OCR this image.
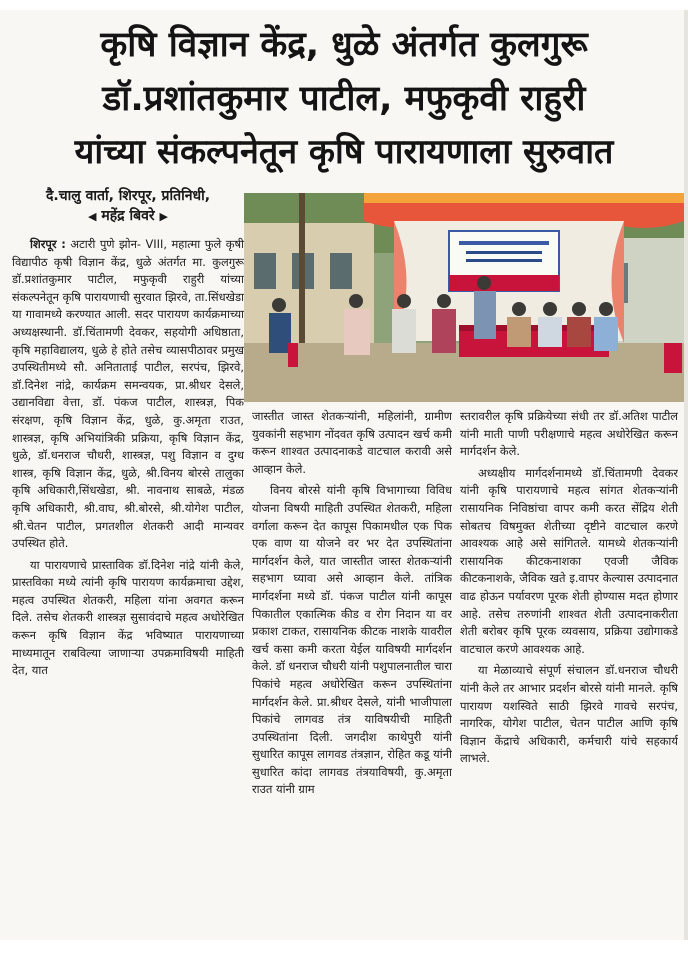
कृषि विज्ञान केंद्र, धुळे अंतर्गत कुलगुरू
डॉ.प्रशांतकुमार पाटील, मफुकृवी राहुरी
यांच्या संकल्पनेतून कृषि पारायणाला सुरुवात
दै.चालु वार्ता, शिरपूर, प्रतिनिधी,
◀ महेंद्र बिवरे ▶

शिरपूर : अटारी पुणे झोन- VIII, महात्मा फुले कृषी विद्यापीठ कृषी विज्ञान केंद्र, धुळे अंतर्गत मा. कुलगुरू डॉ.प्रशांतकुमार पाटील, मफुकृवी राहुरी यांच्या संकल्पनेतून कृषि पारायणाची सुरवात झिरवे, ता.सिंधखेडा या गावामध्ये करण्यात आली. सदर पारायण कार्यक्रमाच्या अध्यक्षस्थानी. डॉ.चिंतामणी देवकर, सहयोगी अधिष्ठाता, कृषि महाविद्यालय, धुळे हे होते तसेच व्यासपीठावर प्रमुख उपस्थितीमध्ये सौ. अनिताताई पाटील, सरपंच, झिरवे, डॉ.दिनेश नांद्रे, कार्यक्रम समन्वयक, प्रा.श्रीधर देसले, उद्यानविद्या वेत्ता, डॉ. पंकज पाटील, शास्त्रज्ञ, पिक संरक्षण, कृषि विज्ञान केंद्र, धुळे, कु.अमृता राउत, शास्त्रज्ञ, कृषि अभियांत्रिकी प्रक्रिया, कृषि विज्ञान केंद्र, धुळे, डॉ.धनराज चौधरी, शास्त्रज्ञ, पशु विज्ञान व दुग्ध शास्त्र, कृषि विज्ञान केंद्र, धुळे, श्री.विनय बोरसे तालुका कृषि अधिकारी,सिंधखेडा, श्री. नावनाथ साबळे, मंडळ कृषि अधिकारी, श्री.वाघ, श्री.बोरसे, श्री.योगेश पाटील, श्री.चेतन पाटील, प्रगतशील शेतकरी आदी मान्यवर उपस्थित होते.

या पारायणाचे प्रास्ताविक डॉ.दिनेश नांद्रे यांनी केले, प्रास्तविका मध्ये त्यांनी कृषि पारायण कार्यक्रमाचा उद्देश, महत्व उपस्थित शेतकरी, महिला यांना अवगत करून दिले. तसेच शेतकरी शास्त्रज्ञ सुसावंदाचे महत्व अधोरेखित करून कृषि विज्ञान केंद्र भविष्यात पारायणाच्या माध्यमातून राबविल्या जाणाऱ्या उपक्रमाविषयी माहिती देत, यात

जास्तीत जास्त शेतकऱ्यांनी, महिलांनी, ग्रामीण युवकांनी सहभाग नोंदवत कृषि उत्पादन खर्च कमी करून शाश्वत उत्पादनाकडे वाटचाल करावी असे आव्हान केले.

विनय बोरसे यांनी कृषि विभागाच्या विविध योजना विषयी माहिती उपस्थित शेतकरी, महिला वर्गाला करून देत कापूस पिकामधील एक पिक एक वाण या योजने वर भर देत उपस्थितांना मार्गदर्शन केले, यात जास्तीत जास्त शेतकऱ्यांनी सहभाग घ्यावा असे आव्हान केले. तांत्रिक मार्गदर्शना मध्ये डॉ. पंकज पाटील यांनी कापूस पिकातील एकात्मिक कीड व रोग निदान या वर प्रकाश टाकत, रासायनिक कीटक नाशके यावरील खर्च कसा कमी करता येईल याविषयी मार्गदर्शन केले. डॉ धनराज चौधरी यांनी पशुपालनातील चारा पिकांचे महत्व अधोरेखित करून उपस्थितांना मार्गदर्शन केले. प्रा.श्रीधर देसले, यांनी भाजीपाला पिकांचे लागवड तंत्र याविषयीची माहिती उपस्थितांना दिली. जगदीश काथेपुरी यांनी सुधारित कापूस लागवड तंत्रज्ञान, रोहित कडू यांनी सुधारित कांदा लागवड तंत्रयाविषयी, कु.अमृता राउत यांनी ग्राम

स्तरावरील कृषि प्रक्रियेच्या संधी तर डॉ.अतिश पाटील यांनी माती पाणी परीक्षणाचे महत्व अधोरेखित करून मार्गदर्शन केले.

अध्यक्षीय मार्गदर्शनामध्ये डॉ.चिंतामणी देवकर यांनी कृषि पारायणाचे महत्व सांगत शेतकऱ्यांनी रासायनिक निविष्ठांचा वापर कमी करत सेंद्रिय शेती सोबतच विषमुक्त शेतीच्या दृष्टीने वाटचाल करणे आवश्यक आहे असे सांगितले. यामध्ये शेतकऱ्यांनी रासायनिक कीटकनाशका एवजी जैविक कीटकनाशके, जैविक खते इ.वापर केल्यास उत्पादनात वाढ होऊन पर्यावरण पूरक शेती होण्यास मदत होणार आहे. तसेच तरुणांनी शाश्वत शेती उत्पादनाकरीता शेती बरोबर कृषि पूरक व्यवसाय, प्रक्रिया उद्योगाकडे वाटचाल करणे आवश्यक आहे.

या मेळाव्याचे संपूर्ण संचालन डॉ.धनराज चौधरी यांनी केले तर आभार प्रदर्शन बोरसे यांनी मानले. कृषि पारायण यशस्विते साठी झिरवे गावचे सरपंच, नागरिक, योगेश पाटील, चेतन पाटील आणि कृषि विज्ञान केंद्राचे अधिकारी, कर्मचारी यांचे सहकार्य लाभले.
